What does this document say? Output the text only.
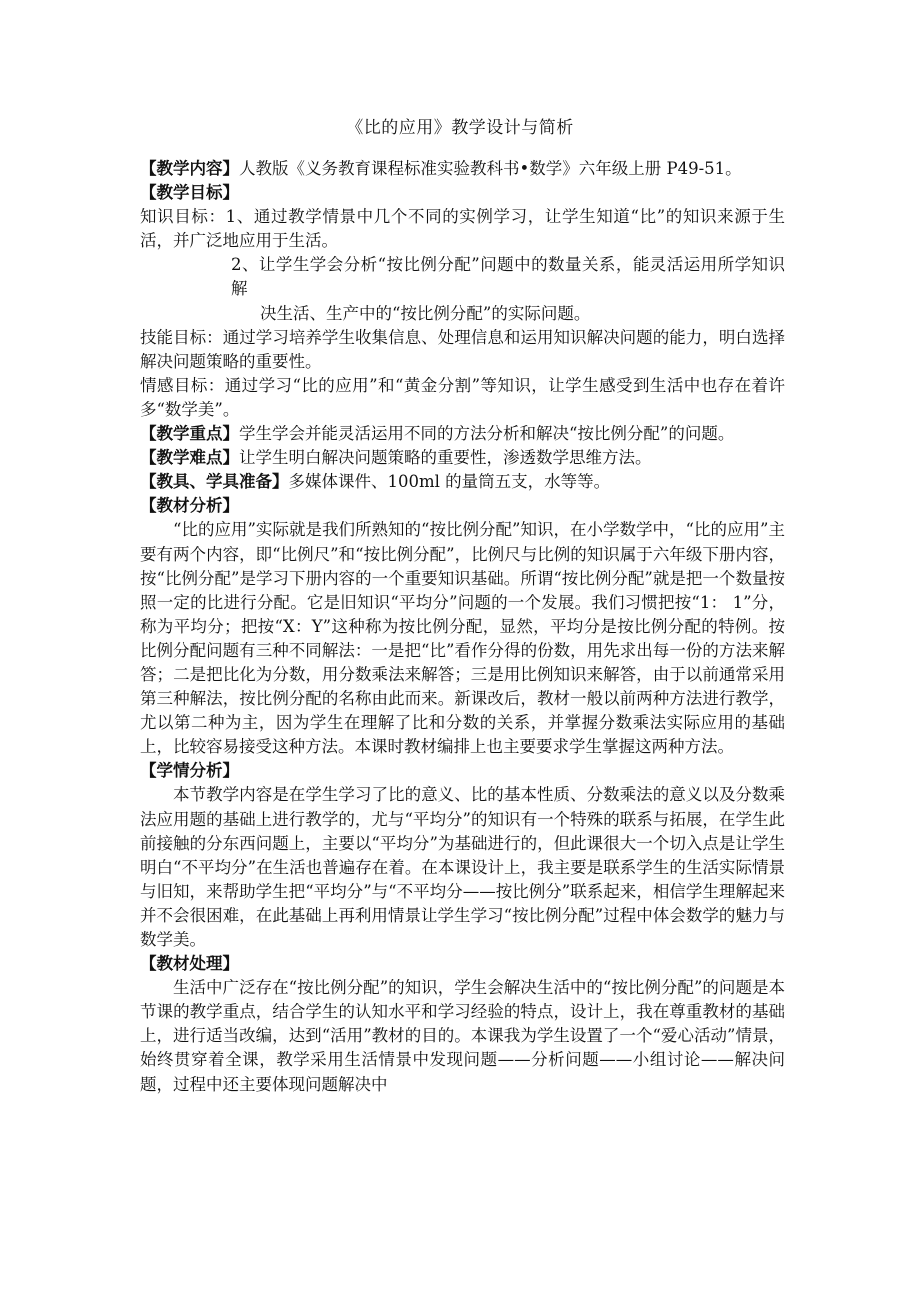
《比的应用》教学设计与简析

【教学内容】人教版《义务教育课程标准实验教科书•数学》六年级上册 P49-51。

【教学目标】

知识目标：1、通过教学情景中几个不同的实例学习，让学生知道“比”的知识来源于生活，并广泛地应用于生活。

2、让学生学会分析“按比例分配”问题中的数量关系，能灵活运用所学知识解

决生活、生产中的“按比例分配”的实际问题。

技能目标：通过学习培养学生收集信息、处理信息和运用知识解决问题的能力，明白选择解决问题策略的重要性。

情感目标：通过学习“比的应用”和“黄金分割”等知识，让学生感受到生活中也存在着许多“数学美”。

【教学重点】学生学会并能灵活运用不同的方法分析和解决“按比例分配”的问题。

【教学难点】让学生明白解决问题策略的重要性，渗透数学思维方法。

【教具、学具准备】多媒体课件、100ml 的量筒五支，水等等。

【教材分析】

“比的应用”实际就是我们所熟知的“按比例分配”知识，在小学数学中，“比的应用”主要有两个内容，即“比例尺”和“按比例分配”，比例尺与比例的知识属于六年级下册内容，按“比例分配”是学习下册内容的一个重要知识基础。所谓“按比例分配”就是把一个数量按照一定的比进行分配。它是旧知识“平均分”问题的一个发展。我们习惯把按“1： 1”分，称为平均分；把按“X：Y”这种称为按比例分配，显然，平均分是按比例分配的特例。按比例分配问题有三种不同解法：一是把“比”看作分得的份数，用先求出每一份的方法来解答；二是把比化为分数，用分数乘法来解答；三是用比例知识来解答，由于以前通常采用第三种解法，按比例分配的名称由此而来。新课改后，教材一般以前两种方法进行教学，尤以第二种为主，因为学生在理解了比和分数的关系，并掌握分数乘法实际应用的基础上，比较容易接受这种方法。本课时教材编排上也主要要求学生掌握这两种方法。

【学情分析】

本节教学内容是在学生学习了比的意义、比的基本性质、分数乘法的意义以及分数乘法应用题的基础上进行教学的，尤与“平均分”的知识有一个特殊的联系与拓展，在学生此前接触的分东西问题上，主要以“平均分”为基础进行的，但此课很大一个切入点是让学生明白“不平均分”在生活也普遍存在着。在本课设计上，我主要是联系学生的生活实际情景与旧知，来帮助学生把“平均分”与“不平均分——按比例分”联系起来，相信学生理解起来并不会很困难，在此基础上再利用情景让学生学习“按比例分配”过程中体会数学的魅力与数学美。

【教材处理】

生活中广泛存在“按比例分配”的知识，学生会解决生活中的“按比例分配”的问题是本节课的教学重点，结合学生的认知水平和学习经验的特点，设计上，我在尊重教材的基础上，进行适当改编，达到“活用”教材的目的。本课我为学生设置了一个“爱心活动”情景，始终贯穿着全课，教学采用生活情景中发现问题——分析问题——小组讨论——解决问题，过程中还主要体现问题解决中
